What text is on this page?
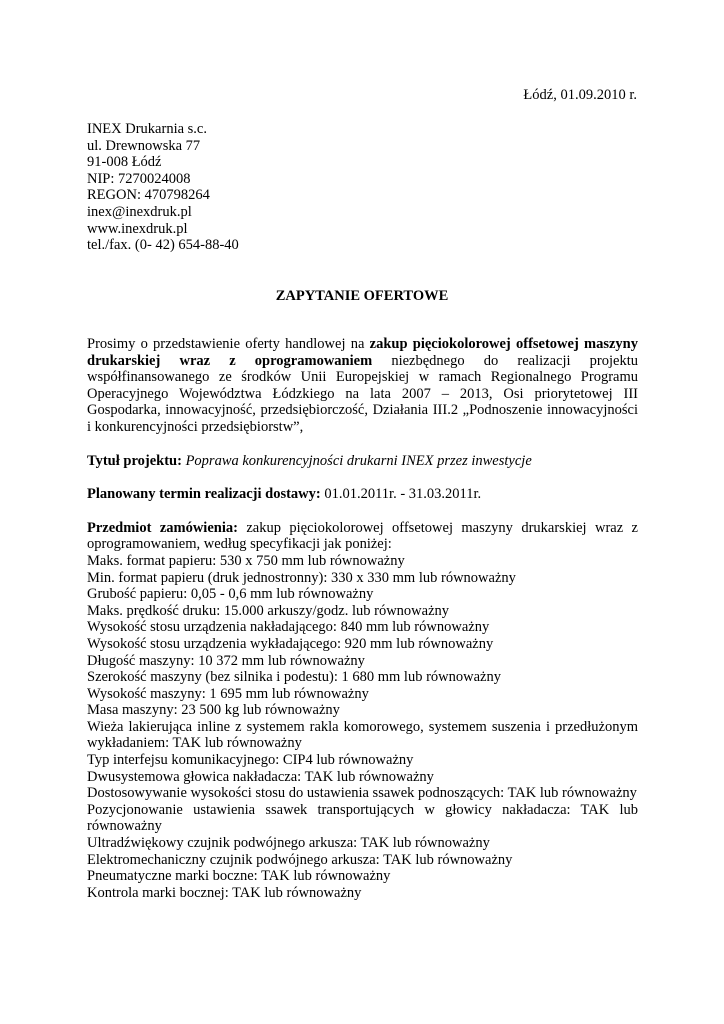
Łódź, 01.09.2010 r.
INEX Drukarnia s.c.
ul. Drewnowska 77
91-008 Łódź
NIP: 7270024008
REGON: 470798264
inex@inexdruk.pl
www.inexdruk.pl
tel./fax. (0- 42) 654-88-40
ZAPYTANIE OFERTOWE

Prosimy o przedstawienie oferty handlowej na zakup pięciokolorowej offsetowej maszyny drukarskiej wraz z oprogramowaniem niezbędnego do realizacji projektu współfinansowanego ze środków Unii Europejskiej w ramach Regionalnego Programu Operacyjnego Województwa Łódzkiego na lata 2007 – 2013, Osi priorytetowej III Gospodarka, innowacyjność, przedsiębiorczość, Działania III.2 „Podnoszenie innowacyjności i konkurencyjności przedsiębiorstw”,

Tytuł projektu: Poprawa konkurencyjności drukarni INEX przez inwestycje

Planowany termin realizacji dostawy: 01.01.2011r. - 31.03.2011r.

Przedmiot zamówienia: zakup pięciokolorowej offsetowej maszyny drukarskiej wraz z oprogramowaniem, według specyfikacji jak poniżej:

Maks. format papieru: 530 x 750 mm lub równoważny
Min. format papieru (druk jednostronny): 330 x 330 mm lub równoważny
Grubość papieru: 0,05 - 0,6 mm lub równoważny
Maks. prędkość druku: 15.000 arkuszy/godz. lub równoważny
Wysokość stosu urządzenia nakładającego: 840 mm lub równoważny
Wysokość stosu urządzenia wykładającego: 920 mm lub równoważny
Długość maszyny: 10 372 mm lub równoważny
Szerokość maszyny (bez silnika i podestu): 1 680 mm lub równoważny
Wysokość maszyny: 1 695 mm lub równoważny
Masa maszyny: 23 500 kg lub równoważny
Wieża lakierująca inline z systemem rakla komorowego, systemem suszenia i przedłużonym wykładaniem: TAK lub równoważny
Typ interfejsu komunikacyjnego: CIP4 lub równoważny
Dwusystemowa głowica nakładacza: TAK lub równoważny
Dostosowywanie wysokości stosu do ustawienia ssawek podnoszących: TAK lub równoważny
Pozycjonowanie ustawienia ssawek transportujących w głowicy nakładacza: TAK lub równoważny
Ultradźwiękowy czujnik podwójnego arkusza: TAK lub równoważny
Elektromechaniczny czujnik podwójnego arkusza: TAK lub równoważny
Pneumatyczne marki boczne: TAK lub równoważny
Kontrola marki bocznej: TAK lub równoważny
